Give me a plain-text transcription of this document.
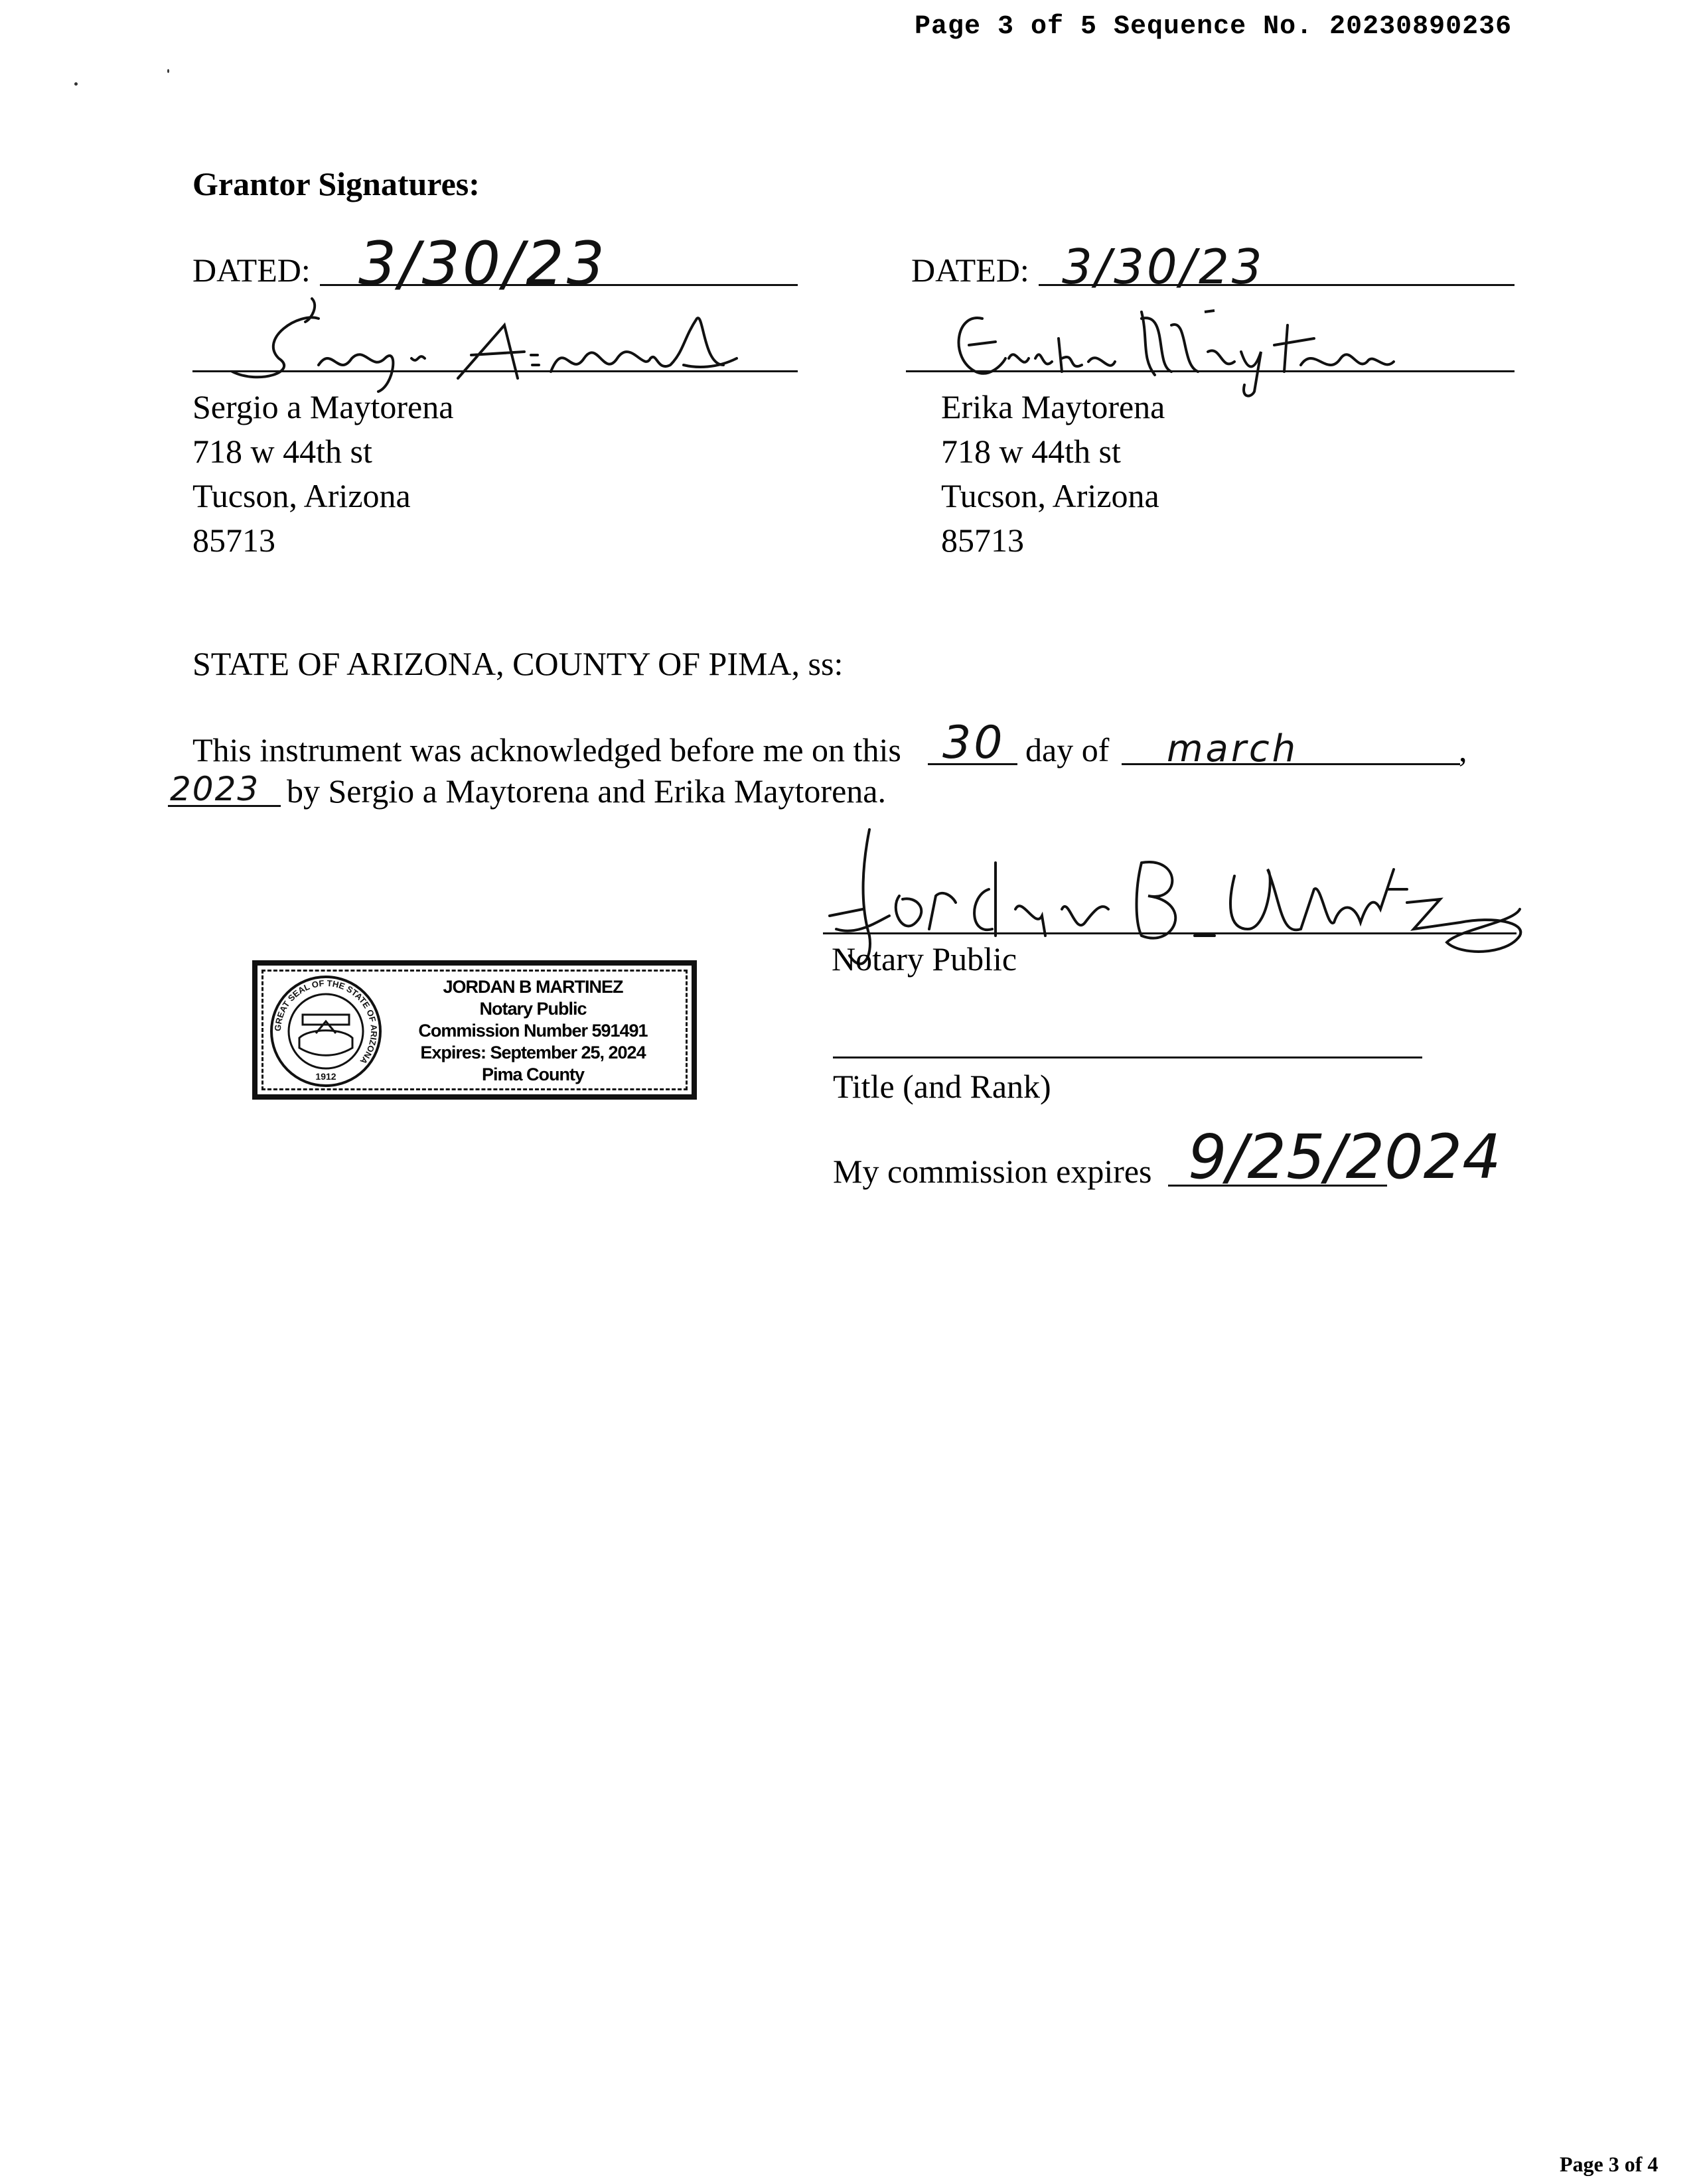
Page 3 of 5 Sequence No. 20230890236
Grantor Signatures:
DATED: 3/30/23
Sergio a Maytorena
718 w 44th st
Tucson, Arizona
85713
DATED: 3/30/23
Erika Maytorena
718 w 44th st
Tucson, Arizona
85713
STATE OF ARIZONA, COUNTY OF PIMA, ss:
This instrument was acknowledged before me on this 30 day of march	,
2023 by Sergio a Maytorena and Erika Maytorena.
Notary Public
Title (and Rank)
My commission expires 9/25/2024
GREAT SEAL OF THE STATE OF ARIZONA
1912
JORDAN B MARTINEZ
Notary Public
Commission Number 591491
Expires: September 25, 2024
Pima County
Page 3 of 4
